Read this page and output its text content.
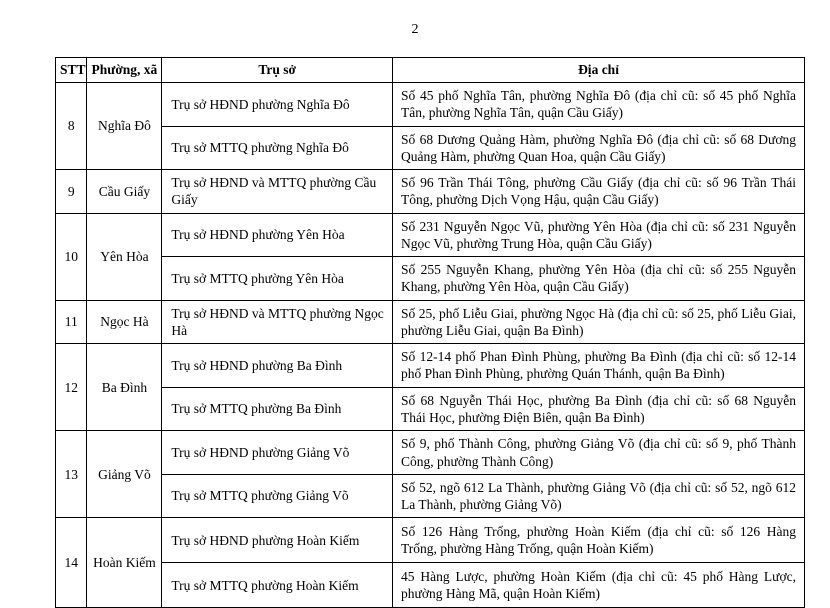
2
STT	Phường, xã	Trụ sở	Địa chỉ
8	Nghĩa Đô	Trụ sở HĐND phường Nghĩa Đô	Số 45 phố Nghĩa Tân, phường Nghĩa Đô (địa chỉ cũ: số 45 phố Nghĩa Tân, phường Nghĩa Tân, quận Cầu Giấy)
		Trụ sở MTTQ phường Nghĩa Đô	Số 68 Dương Quảng Hàm, phường Nghĩa Đô (địa chỉ cũ: số 68 Dương Quảng Hàm, phường Quan Hoa, quận Cầu Giấy)
9	Cầu Giấy	Trụ sở HĐND và MTTQ phường Cầu Giấy	Số 96 Trần Thái Tông, phường Cầu Giấy (địa chỉ cũ: số 96 Trần Thái Tông, phường Dịch Vọng Hậu, quận Cầu Giấy)
10	Yên Hòa	Trụ sở HĐND phường Yên Hòa	Số 231 Nguyễn Ngọc Vũ, phường Yên Hòa (địa chỉ cũ: số 231 Nguyễn Ngọc Vũ, phường Trung Hòa, quận Cầu Giấy)
		Trụ sở MTTQ phường Yên Hòa	Số 255 Nguyễn Khang, phường Yên Hòa (địa chỉ cũ: số 255 Nguyễn Khang, phường Yên Hòa, quận Cầu Giấy)
11	Ngọc Hà	Trụ sở HĐND và MTTQ phường Ngọc Hà	Số 25, phố Liễu Giai, phường Ngọc Hà (địa chỉ cũ: số 25, phố Liễu Giai, phường Liễu Giai, quận Ba Đình)
12	Ba Đình	Trụ sở HĐND phường Ba Đình	Số 12-14 phố Phan Đình Phùng, phường Ba Đình (địa chỉ cũ: số 12-14 phố Phan Đình Phùng, phường Quán Thánh, quận Ba Đình)
		Trụ sở MTTQ phường Ba Đình	Số 68 Nguyễn Thái Học, phường Ba Đình (địa chỉ cũ: số 68 Nguyễn Thái Học, phường Điện Biên, quận Ba Đình)
13	Giảng Võ	Trụ sở HĐND phường Giảng Võ	Số 9, phố Thành Công, phường Giảng Võ (địa chỉ cũ: số 9, phố Thành Công, phường Thành Công)
		Trụ sở MTTQ phường Giảng Võ	Số 52, ngõ 612 La Thành, phường Giảng Võ (địa chỉ cũ: số 52, ngõ 612 La Thành, phường Giảng Võ)
14	Hoàn Kiếm	Trụ sở HĐND phường Hoàn Kiếm	Số 126 Hàng Trống, phường Hoàn Kiếm (địa chỉ cũ: số 126 Hàng Trống, phường Hàng Trống, quận Hoàn Kiếm)
		Trụ sở MTTQ phường Hoàn Kiếm	45 Hàng Lược, phường Hoàn Kiếm (địa chỉ cũ: 45 phố Hàng Lược, phường Hàng Mã, quận Hoàn Kiếm)
